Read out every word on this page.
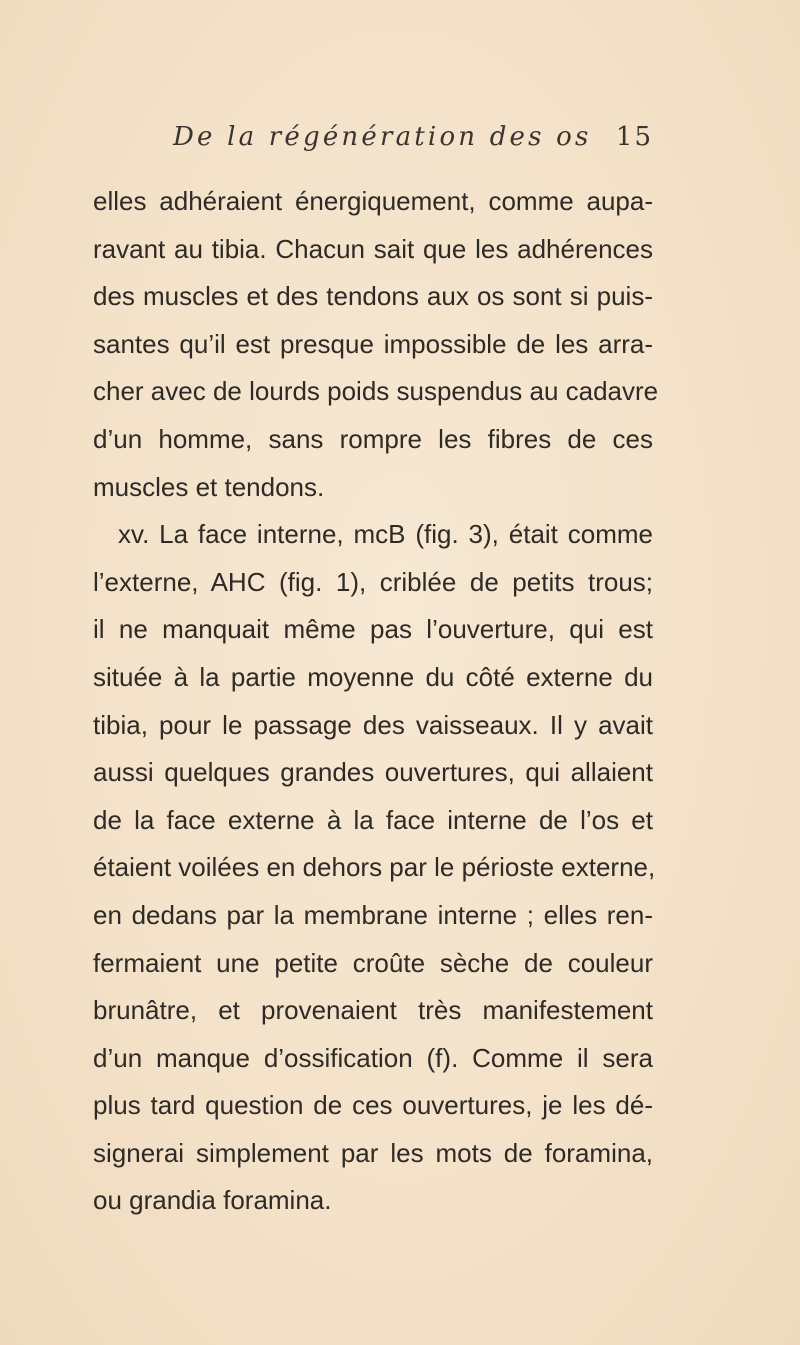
De la régénération des os 15
elles adhéraient énergiquement, comme aupa-
ravant au tibia. Chacun sait que les adhérences
des muscles et des tendons aux os sont si puis-
santes qu’il est presque impossible de les arra-
cher avec de lourds poids suspendus au cadavre
d’un homme, sans rompre les fibres de ces
muscles et tendons.
xv. La face interne, mcB (fig. 3), était comme
l’externe, AHC (fig. 1), criblée de petits trous;
il ne manquait même pas l’ouverture, qui est
située à la partie moyenne du côté externe du
tibia, pour le passage des vaisseaux. Il y avait
aussi quelques grandes ouvertures, qui allaient
de la face externe à la face interne de l’os et
étaient voilées en dehors par le périoste externe,
en dedans par la membrane interne ; elles ren-
fermaient une petite croûte sèche de couleur
brunâtre, et provenaient très manifestement
d’un manque d’ossification (f). Comme il sera
plus tard question de ces ouvertures, je les dé-
signerai simplement par les mots de foramina,
ou grandia foramina.
